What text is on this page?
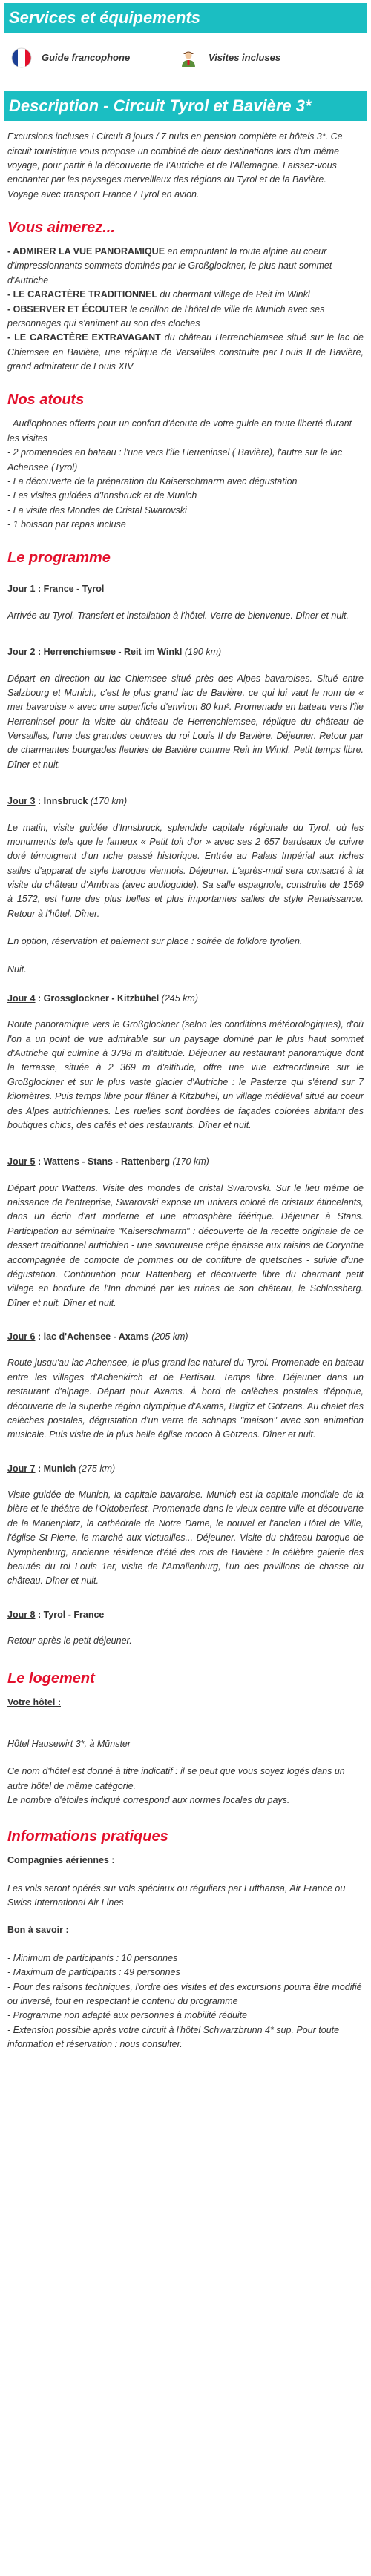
Services et équipements
Guide francophone	Visites incluses
Description - Circuit Tyrol et Bavière 3*

Excursions incluses ! Circuit 8 jours / 7 nuits en pension complète et hôtels 3*. Ce circuit touristique vous propose un combiné de deux destinations lors d'un même voyage, pour partir à la découverte de l'Autriche et de l'Allemagne. Laissez-vous enchanter par les paysages merveilleux des régions du Tyrol et de la Bavière.

Voyage avec transport France / Tyrol en avion.

Vous aimerez...

- ADMIRER LA VUE PANORAMIQUE en empruntant la route alpine au coeur d'impressionnants sommets dominés par le Großglockner, le plus haut sommet d'Autriche

- LE CARACTÈRE TRADITIONNEL du charmant village de Reit im Winkl

- OBSERVER ET ÉCOUTER le carillon de l'hôtel de ville de Munich avec ses personnages qui s'animent au son des cloches

- LE CARACTÈRE EXTRAVAGANT du château Herrenchiemsee situé sur le lac de Chiemsee en Bavière, une réplique de Versailles construite par Louis II de Bavière, grand admirateur de Louis XIV

Nos atouts

- Audiophones offerts pour un confort d'écoute de votre guide en toute liberté durant les visites

- 2 promenades en bateau : l'une vers l'île Herreninsel ( Bavière), l'autre sur le lac Achensee (Tyrol)

- La découverte de la préparation du Kaiserschmarrn avec dégustation

- Les visites guidées d'Innsbruck et de Munich

- La visite des Mondes de Cristal Swarovski

- 1 boisson par repas incluse

Le programme
Jour 1 : France - Tyrol

Arrivée au Tyrol. Transfert et installation à l'hôtel. Verre de bienvenue. Dîner et nuit.

Jour 2 : Herrenchiemsee - Reit im Winkl (190 km)

Départ en direction du lac Chiemsee situé près des Alpes bavaroises. Situé entre Salzbourg et Munich, c'est le plus grand lac de Bavière, ce qui lui vaut le nom de « mer bavaroise » avec une superficie d'environ 80 km². Promenade en bateau vers l'île Herreninsel pour la visite du château de Herrenchiemsee, réplique du château de Versailles, l'une des grandes oeuvres du roi Louis II de Bavière. Déjeuner. Retour par de charmantes bourgades fleuries de Bavière comme Reit im Winkl. Petit temps libre. Dîner et nuit.

Jour 3 : Innsbruck (170 km)

Le matin, visite guidée d'Innsbruck, splendide capitale régionale du Tyrol, où les monuments tels que le fameux « Petit toit d'or » avec ses 2 657 bardeaux de cuivre doré témoignent d'un riche passé historique. Entrée au Palais Impérial aux riches salles d'apparat de style baroque viennois. Déjeuner. L'après-midi sera consacré à la visite du château d'Ambras (avec audioguide). Sa salle espagnole, construite de 1569 à 1572, est l'une des plus belles et plus importantes salles de style Renaissance. Retour à l'hôtel. Dîner.

En option, réservation et paiement sur place : soirée de folklore tyrolien.

Nuit.

Jour 4 : Grossglockner - Kitzbühel (245 km)

Route panoramique vers le Großglockner (selon les conditions météorologiques), d'où l'on a un point de vue admirable sur un paysage dominé par le plus haut sommet d'Autriche qui culmine à 3798 m d'altitude. Déjeuner au restaurant panoramique dont la terrasse, située à 2 369 m d'altitude, offre une vue extraordinaire sur le Großglockner et sur le plus vaste glacier d'Autriche : le Pasterze qui s'étend sur 7 kilomètres. Puis temps libre pour flâner à Kitzbühel, un village médiéval situé au coeur des Alpes autrichiennes. Les ruelles sont bordées de façades colorées abritant des boutiques chics, des cafés et des restaurants. Dîner et nuit.

Jour 5 : Wattens - Stans - Rattenberg (170 km)

Départ pour Wattens. Visite des mondes de cristal Swarovski. Sur le lieu même de naissance de l'entreprise, Swarovski expose un univers coloré de cristaux étincelants, dans un écrin d'art moderne et une atmosphère féérique. Déjeuner à Stans. Participation au séminaire "Kaiserschmarrn" : découverte de la recette originale de ce dessert traditionnel autrichien - une savoureuse crêpe épaisse aux raisins de Corynthe accompagnée de compote de pommes ou de confiture de quetsches - suivie d'une dégustation. Continuation pour Rattenberg et découverte libre du charmant petit village en bordure de l'Inn dominé par les ruines de son château, le Schlossberg. Dîner et nuit. Dîner et nuit.

Jour 6 : lac d'Achensee - Axams (205 km)

Route jusqu'au lac Achensee, le plus grand lac naturel du Tyrol. Promenade en bateau entre les villages d'Achenkirch et de Pertisau. Temps libre. Déjeuner dans un restaurant d'alpage. Départ pour Axams. À bord de calèches postales d'époque, découverte de la superbe région olympique d'Axams, Birgitz et Götzens. Au chalet des calèches postales, dégustation d'un verre de schnaps "maison" avec son animation musicale. Puis visite de la plus belle église rococo à Götzens. Dîner et nuit.

Jour 7 : Munich (275 km)

Visite guidée de Munich, la capitale bavaroise. Munich est la capitale mondiale de la bière et le théâtre de l'Oktoberfest. Promenade dans le vieux centre ville et découverte de la Marienplatz, la cathédrale de Notre Dame, le nouvel et l'ancien Hôtel de Ville, l'église St-Pierre, le marché aux victuailles... Déjeuner. Visite du château baroque de Nymphenburg, ancienne résidence d'été des rois de Bavière : la célèbre galerie des beautés du roi Louis 1er, visite de l'Amalienburg, l'un des pavillons de chasse du château. Dîner et nuit.

Jour 8 : Tyrol - France

Retour après le petit déjeuner.

Le logement

Votre hôtel :

Hôtel Hausewirt 3*, à Münster

Ce nom d'hôtel est donné à titre indicatif : il se peut que vous soyez logés dans un autre hôtel de même catégorie.

Le nombre d'étoiles indiqué correspond aux normes locales du pays.

Informations pratiques

Compagnies aériennes :

Les vols seront opérés sur vols spéciaux ou réguliers par Lufthansa, Air France ou Swiss International Air Lines

Bon à savoir :

- Minimum de participants : 10 personnes

- Maximum de participants : 49 personnes

- Pour des raisons techniques, l'ordre des visites et des excursions pourra être modifié ou inversé, tout en respectant le contenu du programme

- Programme non adapté aux personnes à mobilité réduite

- Extension possible après votre circuit à l'hôtel Schwarzbrunn 4* sup. Pour toute information et réservation : nous consulter.
